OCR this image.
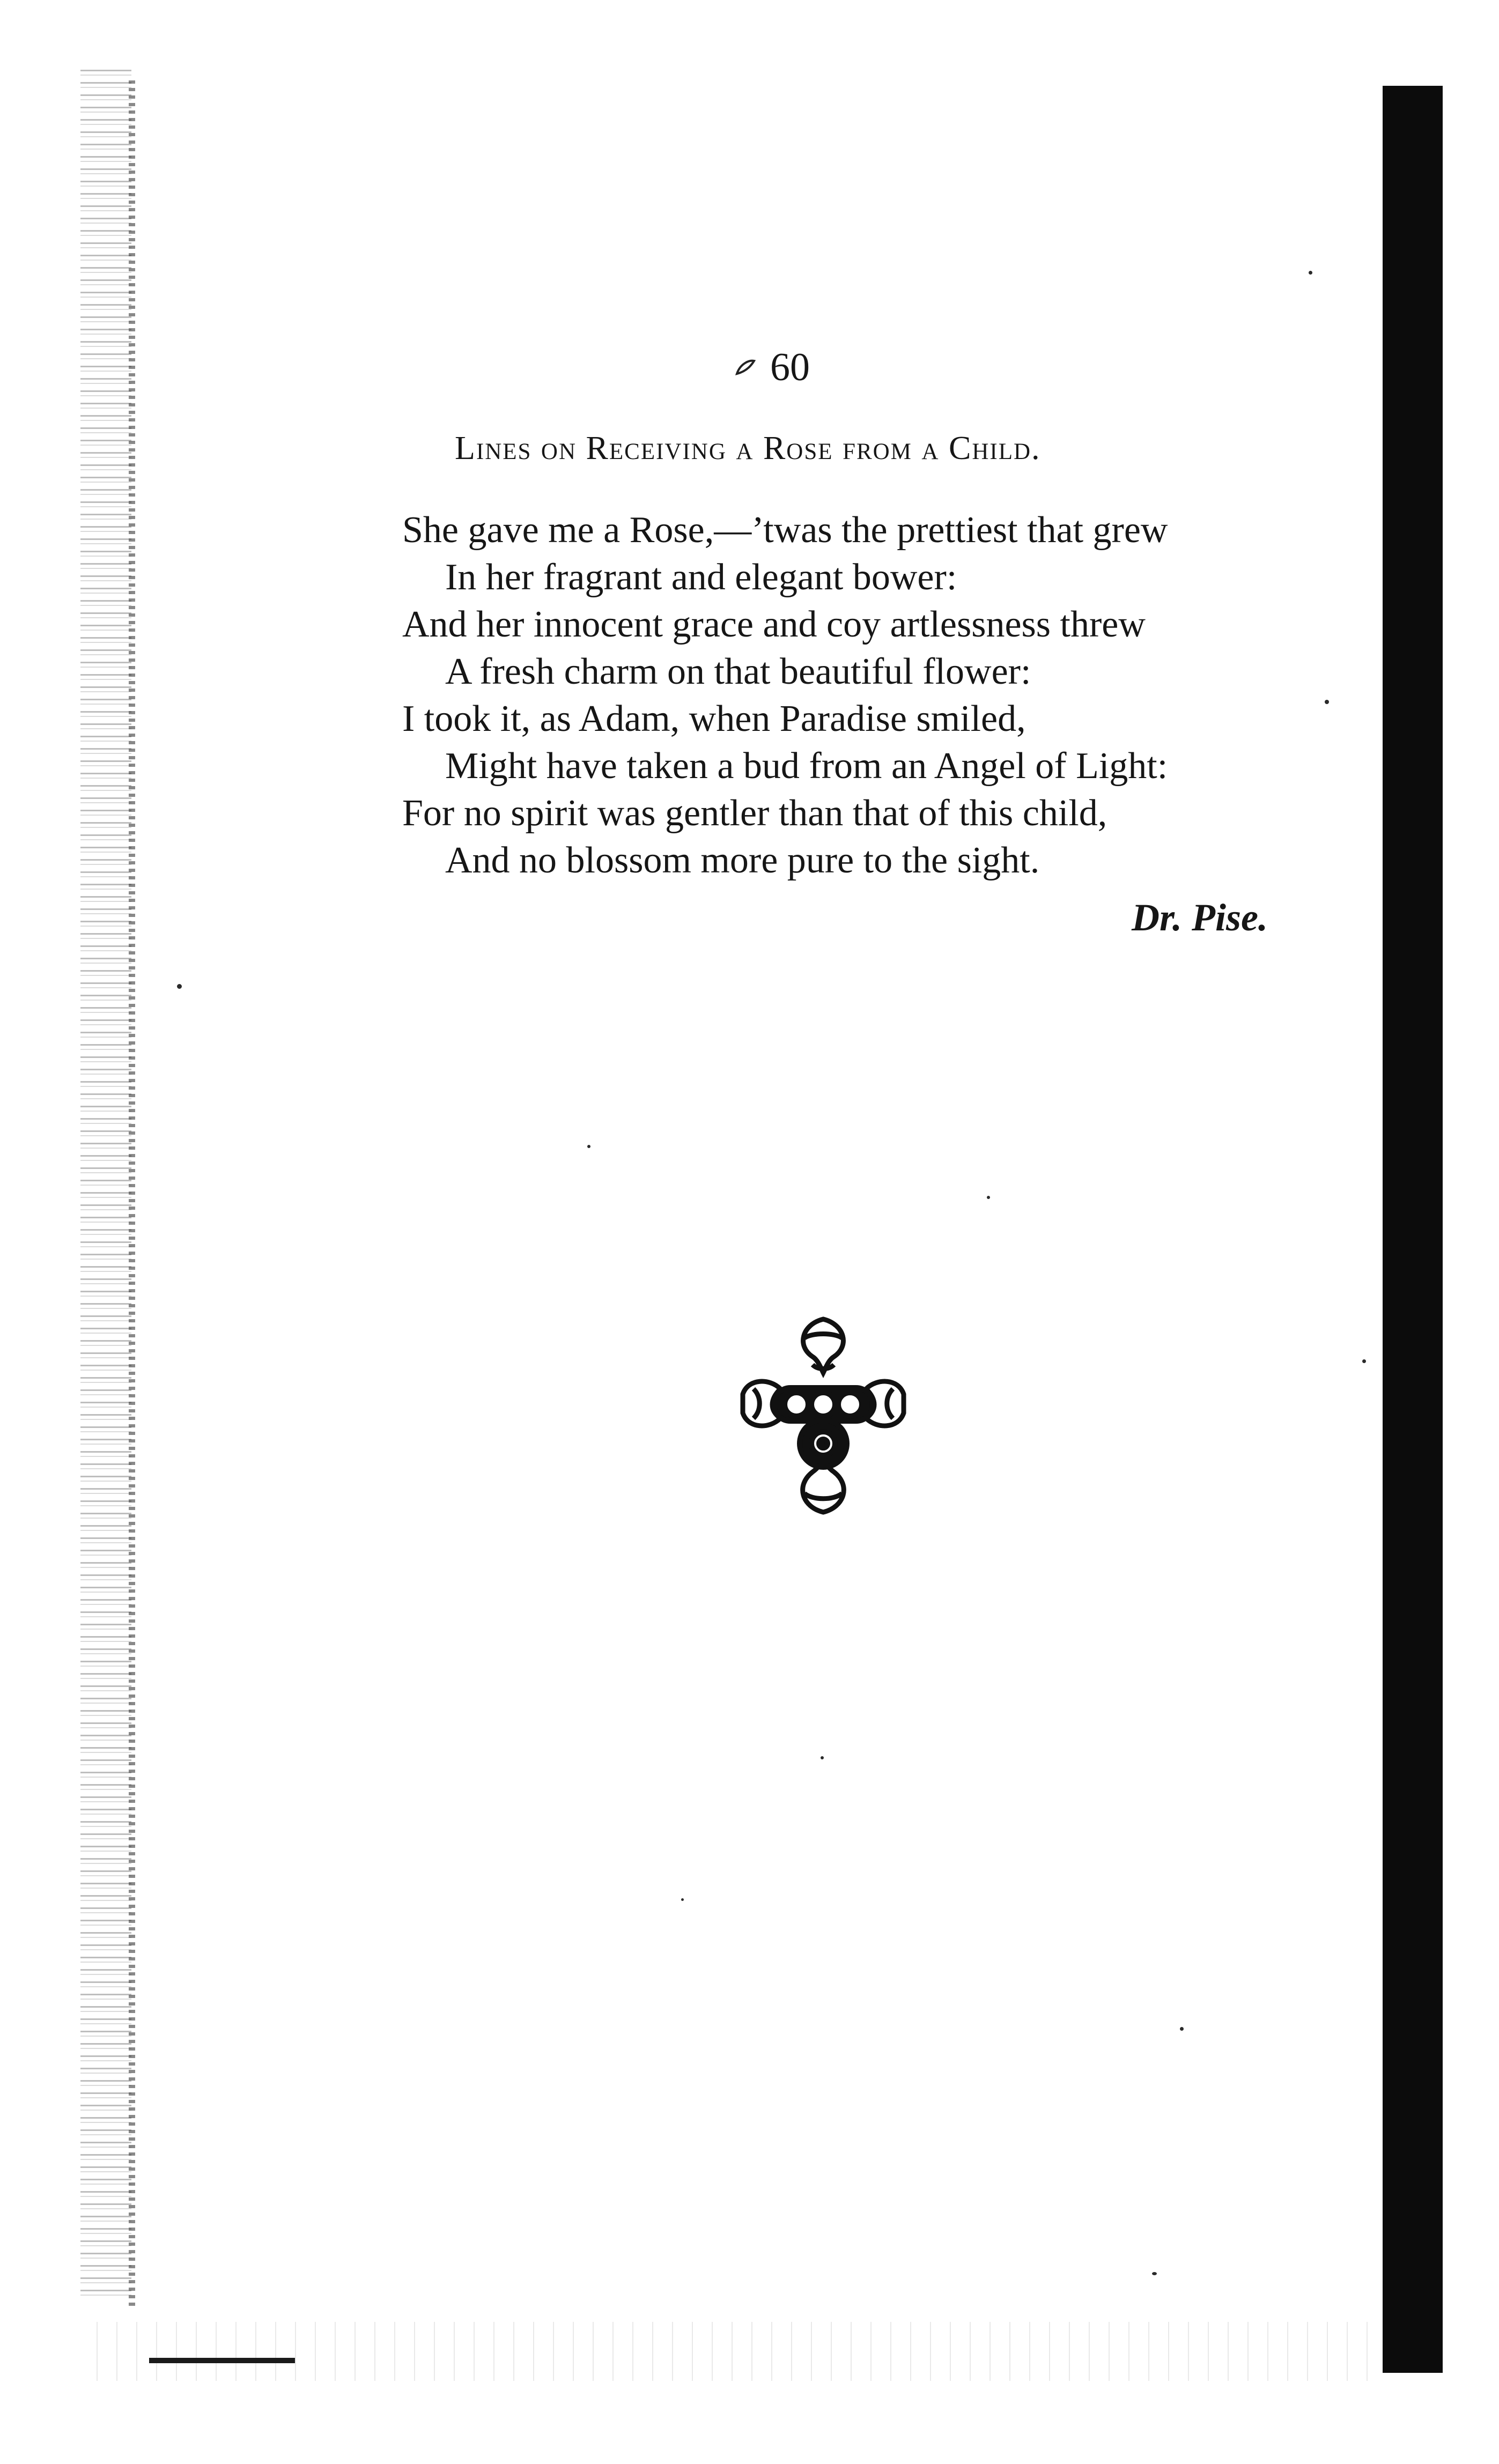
60
Lines on Receiving a Rose from a Child.
She gave me a Rose,—’twas the prettiest that grew
In her fragrant and elegant bower:
And her innocent grace and coy artlessness threw
A fresh charm on that beautiful flower:
I took it, as Adam, when Paradise smiled,
Might have taken a bud from an Angel of Light:
For no spirit was gentler than that of this child,
And no blossom more pure to the sight.
Dr. Pise.
